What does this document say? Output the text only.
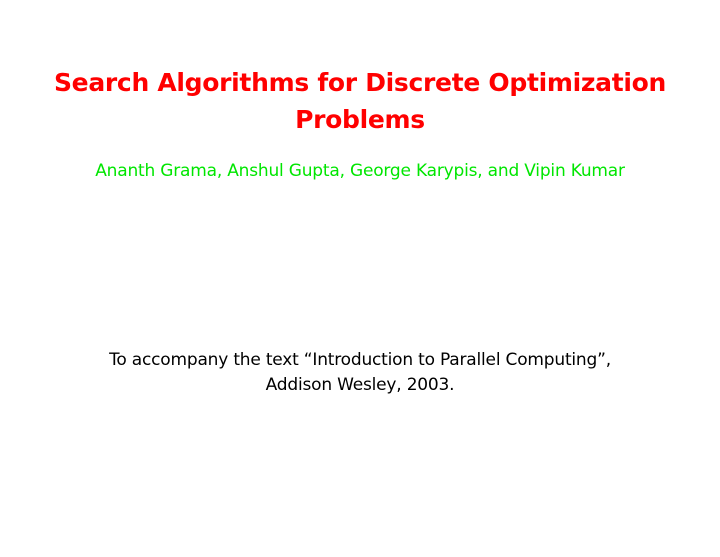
Search Algorithms for Discrete Optimization
Problems
Ananth Grama, Anshul Gupta, George Karypis, and Vipin Kumar
To accompany the text “Introduction to Parallel Computing”,
Addison Wesley, 2003.
